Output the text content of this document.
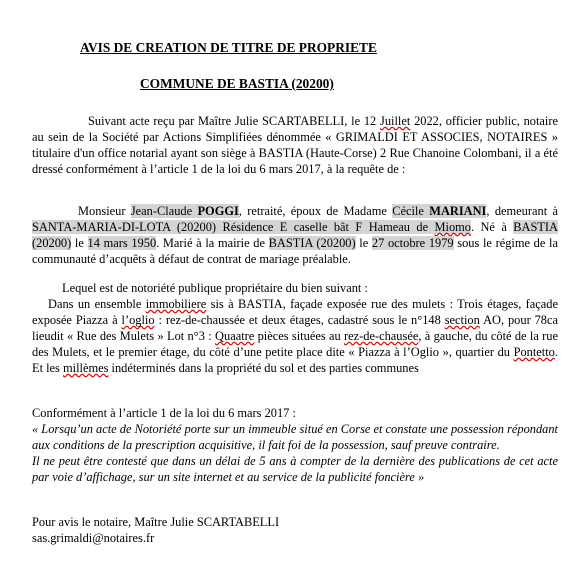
AVIS DE CREATION DE TITRE DE PROPRIETE
COMMUNE DE BASTIA (20200)

Suivant acte reçu par Maître Julie SCARTABELLI, le 12 Juillet 2022, officier public, notaire au sein de la Société par Actions Simplifiées dénommée « GRIMALDI ET ASSOCIES, NOTAIRES » titulaire d'un office notarial ayant son siège à BASTIA (Haute-Corse) 2 Rue Chanoine Colombani, il a été dressé conformément à l’article 1 de la loi du 6 mars 2017, à la requête de :

Monsieur Jean-Claude POGGI, retraité, époux de Madame Cécile MARIANI, demeurant à SANTA-MARIA-DI-LOTA (20200) Résidence E caselle bât F Hameau de Miomo. Né à BASTIA (20200) le 14 mars 1950. Marié à la mairie de BASTIA (20200) le 27 octobre 1979 sous le régime de la communauté d’acquêts à défaut de contrat de mariage préalable.

Lequel est de notoriété publique propriétaire du bien suivant :

Dans un ensemble immobiliere sis à BASTIA, façade exposée rue des mulets : Trois étages, façade exposée Piazza à l’oglio : rez-de-chaussée et deux étages, cadastré sous le n°148 section AO, pour 78ca lieudit « Rue des Mulets » Lot n°3 : Quaatre pièces situées au rez-de-chausée, à gauche, du côté de la rue des Mulets, et le premier étage, du côté d’une petite place dite « Piazza à l’Oglio », quartier du Pontetto. Et les millèmes indéterminés dans la propriété du sol et des parties communes

Conformément à l’article 1 de la loi du 6 mars 2017 :

« Lorsqu’un acte de Notoriété porte sur un immeuble situé en Corse et constate une possession répondant aux conditions de la prescription acquisitive, il fait foi de la possession, sauf preuve contraire.

Il ne peut être contesté que dans un délai de 5 ans à compter de la dernière des publications de cet acte par voie d’affichage, sur un site internet et au service de la publicité foncière »

Pour avis le notaire, Maître Julie SCARTABELLI

sas.grimaldi@notaires.fr
